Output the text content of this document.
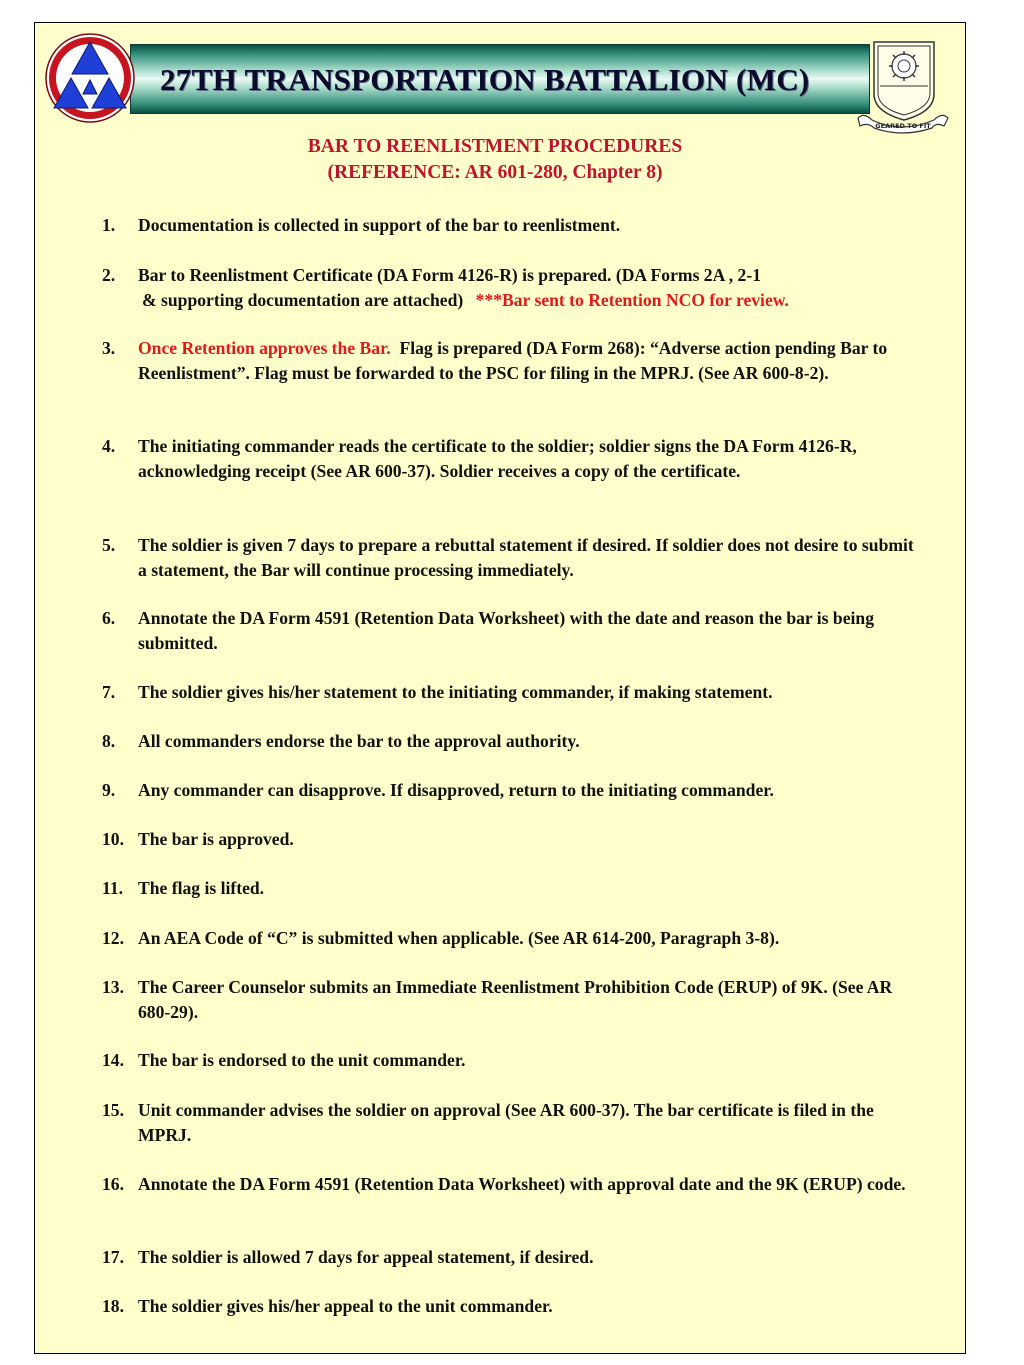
27TH TRANSPORTATION BATTALION (MC)
GEARED TO FIT
BAR TO REENLISTMENT PROCEDURES
(REFERENCE: AR 601-280, Chapter 8)
1.	Documentation is collected in support of the bar to reenlistment.
2.	Bar to Reenlistment Certificate (DA Form 4126-R) is prepared. (DA Forms 2A , 2-1
& supporting documentation are attached) ***Bar sent to Retention NCO for review.
3.	Once Retention approves the Bar. Flag is prepared (DA Form 268): “Adverse action pending Bar to Reenlistment”. Flag must be forwarded to the PSC for filing in the MPRJ. (See AR 600-8-2).
4.	The initiating commander reads the certificate to the soldier; soldier signs the DA Form 4126-R, acknowledging receipt (See AR 600-37). Soldier receives a copy of the certificate.
5.	The soldier is given 7 days to prepare a rebuttal statement if desired. If soldier does not desire to submit a statement, the Bar will continue processing immediately.
6.	Annotate the DA Form 4591 (Retention Data Worksheet) with the date and reason the bar is being submitted.
7.	The soldier gives his/her statement to the initiating commander, if making statement.
8.	All commanders endorse the bar to the approval authority.
9.	Any commander can disapprove. If disapproved, return to the initiating commander.
10. The bar is approved.
11. The flag is lifted.
12. An AEA Code of “C” is submitted when applicable. (See AR 614-200, Paragraph 3-8).
13. The Career Counselor submits an Immediate Reenlistment Prohibition Code (ERUP) of 9K. (See AR 680-29).
14. The bar is endorsed to the unit commander.
15. Unit commander advises the soldier on approval (See AR 600-37). The bar certificate is filed in the MPRJ.
16. Annotate the DA Form 4591 (Retention Data Worksheet) with approval date and the 9K (ERUP) code.
17. The soldier is allowed 7 days for appeal statement, if desired.
18. The soldier gives his/her appeal to the unit commander.
